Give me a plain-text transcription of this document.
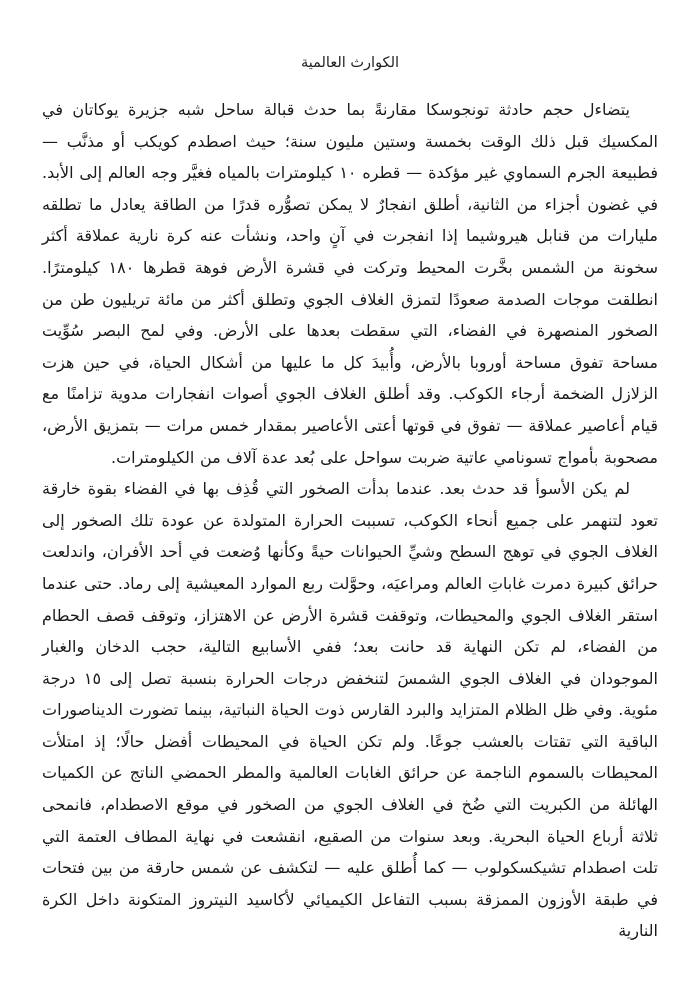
الكوارث العالمية

يتضاءل حجم حادثة تونجوسكا مقارنةً بما حدث قبالة ساحل شبه جزيرة يوكاتان في المكسيك قبل ذلك الوقت بخمسة وستين مليون سنة؛ حيث اصطدم كويكب أو مذنَّب — فطبيعة الجرم السماوي غير مؤكدة — قطره ١٠ كيلومترات بالمياه فغيَّر وجه العالم إلى الأبد. في غضون أجزاء من الثانية، أطلق انفجارٌ لا يمكن تصوُّره قدرًا من الطاقة يعادل ما تطلقه مليارات من قنابل هيروشيما إذا انفجرت في آنٍ واحد، ونشأت عنه كرة نارية عملاقة أكثر سخونة من الشمس بخَّرت المحيط وتركت في قشرة الأرض فوهة قطرها ١٨٠ كيلومترًا. انطلقت موجات الصدمة صعودًا لتمزق الغلاف الجوي وتطلق أكثر من مائة تريليون طن من الصخور المنصهرة في الفضاء، التي سقطت بعدها على الأرض. وفي لمح البصر سُوِّيت مساحة تفوق مساحة أوروبا بالأرض، وأُبيدَ كل ما عليها من أشكال الحياة، في حين هزت الزلازل الضخمة أرجاء الكوكب. وقد أطلق الغلاف الجوي أصوات انفجارات مدوية تزامنًا مع قيام أعاصير عملاقة — تفوق في قوتها أعتى الأعاصير بمقدار خمس مرات — بتمزيق الأرض، مصحوبة بأمواج تسونامي عاتية ضربت سواحل على بُعد عدة آلاف من الكيلومترات.

لم يكن الأسوأ قد حدث بعد. عندما بدأت الصخور التي قُذِف بها في الفضاء بقوة خارقة تعود لتنهمر على جميع أنحاء الكوكب، تسببت الحرارة المتولدة عن عودة تلك الصخور إلى الغلاف الجوي في توهج السطح وشيِّ الحيوانات حيةً وكأنها وُضعت في أحد الأفران، واندلعت حرائق كبيرة دمرت غاباتِ العالم ومراعيَه، وحوَّلت ربع الموارد المعيشية إلى رماد. حتى عندما استقر الغلاف الجوي والمحيطات، وتوقفت قشرة الأرض عن الاهتزاز، وتوقف قصف الحطام من الفضاء، لم تكن النهاية قد حانت بعد؛ ففي الأسابيع التالية، حجب الدخان والغبار الموجودان في الغلاف الجوي الشمسَ لتنخفض درجات الحرارة بنسبة تصل إلى ١٥ درجة مئوية. وفي ظل الظلام المتزايد والبرد القارس ذوت الحياة النباتية، بينما تضورت الديناصورات الباقية التي تقتات بالعشب جوعًا. ولم تكن الحياة في المحيطات أفضل حالًا؛ إذ امتلأت المحيطات بالسموم الناجمة عن حرائق الغابات العالمية والمطر الحمضي الناتج عن الكميات الهائلة من الكبريت التي ضُخ في الغلاف الجوي من الصخور في موقع الاصطدام، فانمحى ثلاثة أرباع الحياة البحرية. وبعد سنوات من الصقيع، انقشعت في نهاية المطاف العتمة التي تلت اصطدام تشيكسكولوب — كما أُطلق عليه — لتكشف عن شمس حارقة من بين فتحات في طبقة الأوزون الممزقة بسبب التفاعل الكيميائي لأكاسيد النيتروز المتكونة داخل الكرة النارية
